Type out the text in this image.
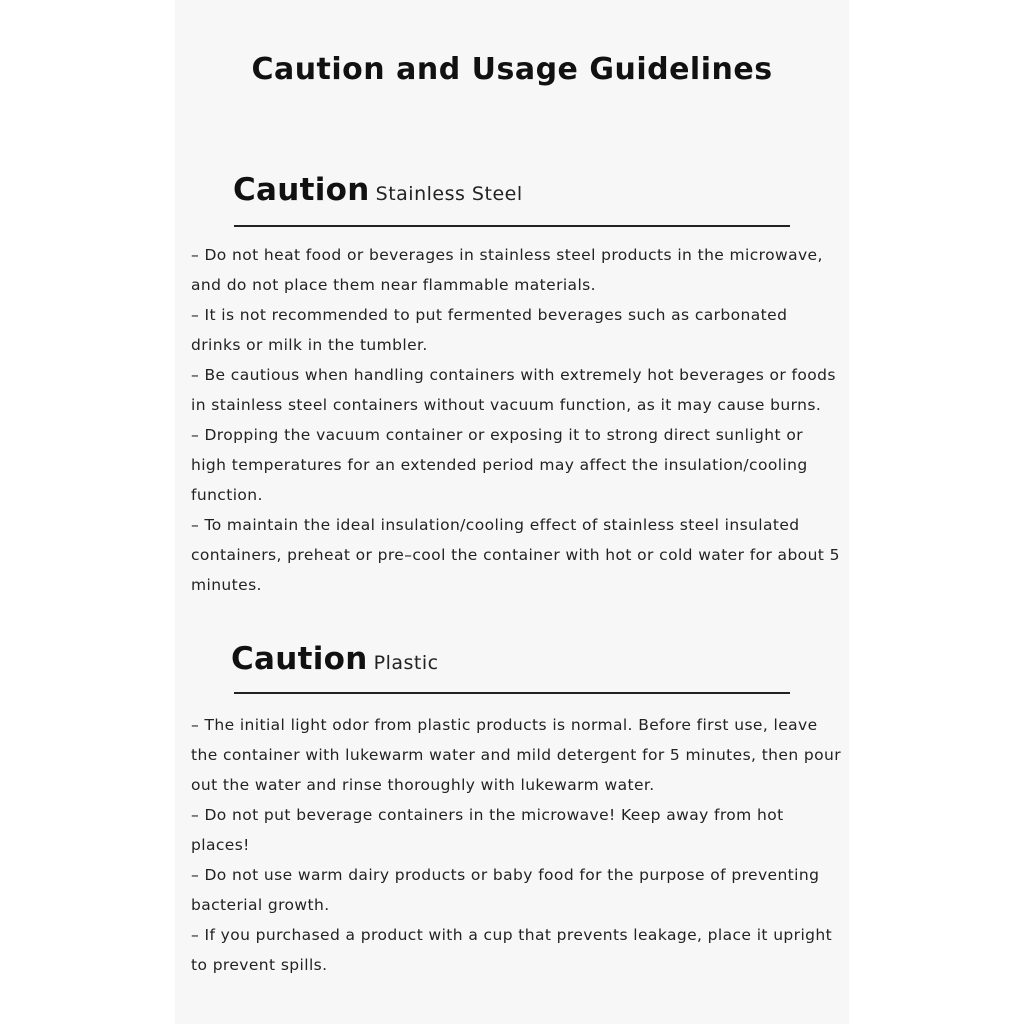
Caution and Usage Guidelines
Caution Stainless Steel
– Do not heat food or beverages in stainless steel products in the microwave, and do not place them near flammable materials.
– It is not recommended to put fermented beverages such as carbonated drinks or milk in the tumbler.
– Be cautious when handling containers with extremely hot beverages or foods in stainless steel containers without vacuum function, as it may cause burns.
– Dropping the vacuum container or exposing it to strong direct sunlight or high temperatures for an extended period may affect the insulation/cooling function.
– To maintain the ideal insulation/cooling effect of stainless steel insulated containers, preheat or pre–cool the container with hot or cold water for about 5 minutes.
Caution Plastic
– The initial light odor from plastic products is normal. Before first use, leave the container with lukewarm water and mild detergent for 5 minutes, then pour out the water and rinse thoroughly with lukewarm water.
– Do not put beverage containers in the microwave! Keep away from hot places!
– Do not use warm dairy products or baby food for the purpose of preventing bacterial growth.
– If you purchased a product with a cup that prevents leakage, place it upright to prevent spills.
